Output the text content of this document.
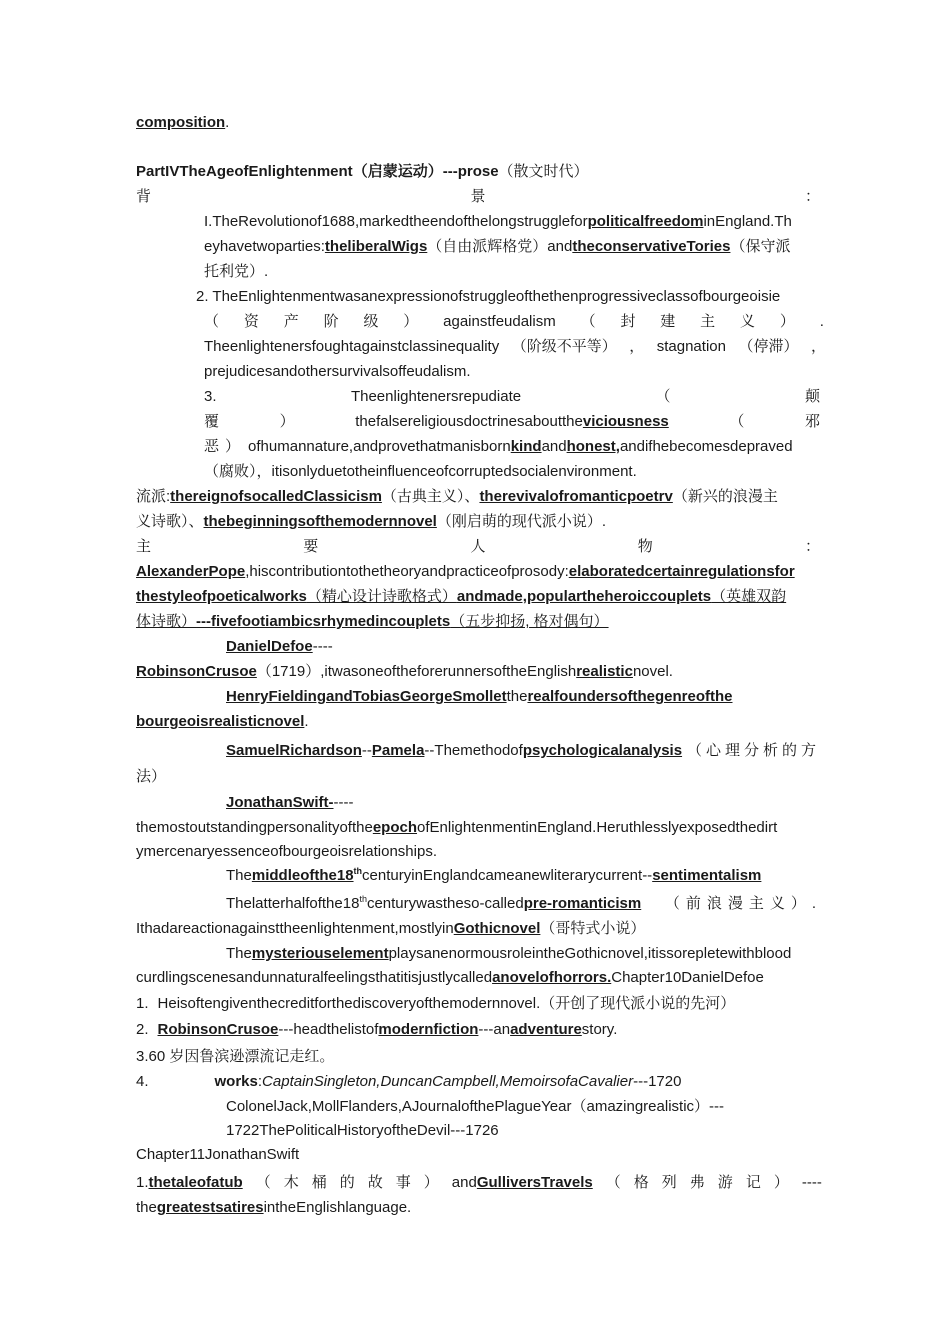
composition.
PartIVTheAgeofEnlightenment（启蒙运动）---prose（散文时代）
背	景	：
I.TheRevolutionof1688,markedtheendofthelongstruggleforpoliticalfreedominEngland.Th
eyhavetwoparties:theliberalWigs（自由派辉格党）andtheconservativeTories（保守派
托利党）.
2. TheEnlightenmentwasanexpressionofstruggleofthethenprogressiveclassofbourgeoisie
（ 资 产 阶 级 ） againstfeudalism （ 封 建 主 义 ） .
Theenlightenersfoughtagainstclassinequality （阶级不平等） ， stagnation （停滞） ，
prejudicesandothersurvivalsoffeudalism.
3.	Theenlightenersrepudiate	（	颠
覆	）	thefalsereligiousdoctrinesabouttheviciousness	（	邪
恶 ） ofhumannature,andprovethatmanisbornkindandhonest,andifhebecomesdepraved
（腐败），itisonlyduetotheinfluenceofcorruptedsocialenvironment.
流派:thereignofsocalledClassicism（古典主义）、therevivalofromanticpoetrv（新兴的浪漫主
义诗歌）、thebeginningsofthemodernnovel（刚启萌的现代派小说）.
主	要	人	物	：
AlexanderPope,hiscontributiontothetheoryandpracticeofprosody:elaboratedcertainregulationsfor
thestyleofpoeticalworks（精心设计诗歌格式）andmade,populartheheroiccouplets（英雄双韵
体诗歌）---fivefootiambicsrhymedincouplets（五步抑扬, 格对偶句）
DanielDefoe----
RobinsonCrusoe（1719）,itwasoneoftheforerunnersoftheEnglishrealisticnovel.
HenryFieldingandTobiasGeorgeSmollettherealfoundersofthegenreofthe
bourgeoisrealisticnovel.
SamuelRichardson--Pamela--Themethodofpsychologicalanalysis （心理分析的方
法）
JonathanSwift-----
themostoutstandingpersonalityoftheepochofEnlightenmentinEngland.Heruthlesslyexposedthedirt
ymercenaryessenceofbourgeoisrelationships.
Themiddleofthe18thcenturyinEnglandcameanewliterarycurrent--sentimentalism
Thelatterhalfofthe18thcenturywastheso-calledpre-romanticism （前浪漫主义）.
Ithadareactionagainsttheenlightenment,mostlyinGothicnovel（哥特式小说）
ThemysteriouselementplaysanenormousroleintheGothicnovel,itissorepletewithblood
curdlingscenesandunnaturalfeelingsthatitisjustlycalledanovelofhorrors.Chapter10DanielDefoe
1. Heisoftengiventhecreditforthediscoveryofthemodernnovel.（开创了现代派小说的先河）
2. RobinsonCrusoe---headthelistofmodernfiction---anadventurestory.
3.60 岁因鲁滨逊漂流记走红。
4.	works:CaptainSingleton,DuncanCampbell,MemoirsofaCavalier---1720
ColonelJack,MollFlanders,AJournalofthePlagueYear（amazingrealistic）---
1722ThePoliticalHistoryoftheDevil---1726
Chapter11JonathanSwift
1.thetaleofatub （ 木 桶 的 故 事 ） andGulliversTravels （ 格 列 弗 游 记 ） ----
thegreatestsatiresintheEnglishlanguage.
